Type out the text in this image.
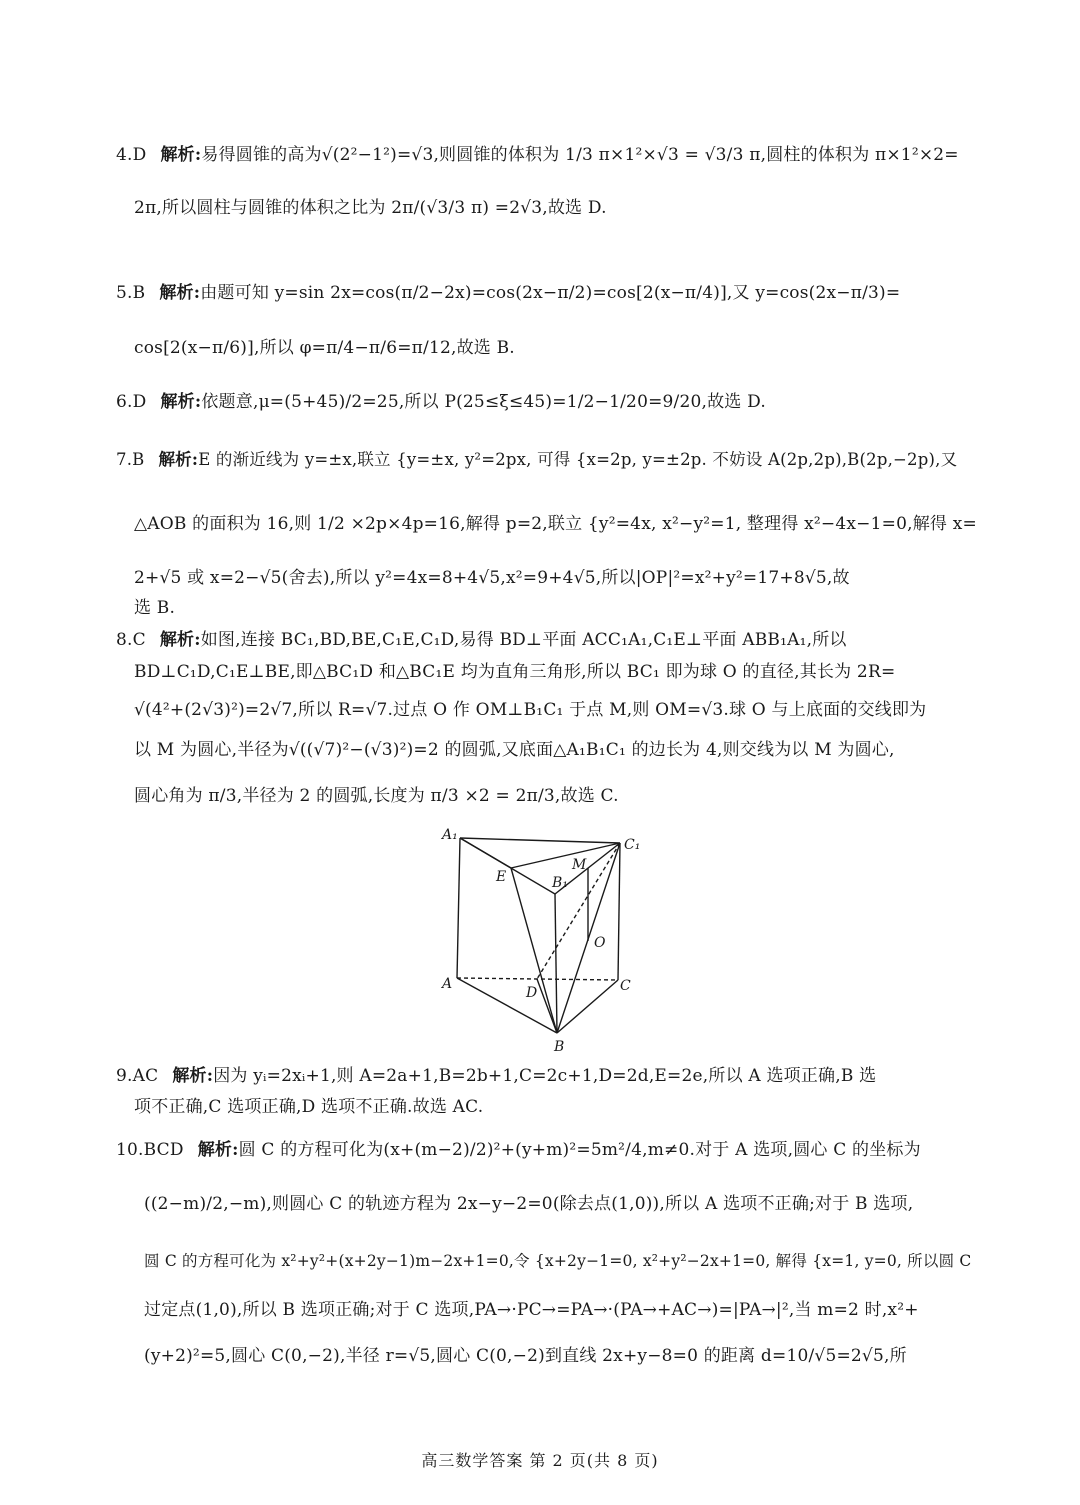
4.D 解析:易得圆锥的高为√(2²−1²)=√3,则圆锥的体积为 1/3 π×1²×√3 = √3/3 π,圆柱的体积为 π×1²×2=
2π,所以圆柱与圆锥的体积之比为 2π/(√3/3 π) =2√3,故选 D.
5.B 解析:由题可知 y=sin 2x=cos(π/2−2x)=cos(2x−π/2)=cos[2(x−π/4)],又 y=cos(2x−π/3)=
cos[2(x−π/6)],所以 φ=π/4−π/6=π/12,故选 B.
6.D 解析:依题意,μ=(5+45)/2=25,所以 P(25≤ξ≤45)=1/2−1/20=9/20,故选 D.
7.B 解析:E 的渐近线为 y=±x,联立 {y=±x, y²=2px, 可得 {x=2p, y=±2p. 不妨设 A(2p,2p),B(2p,−2p),又
△AOB 的面积为 16,则 1/2 ×2p×4p=16,解得 p=2,联立 {y²=4x, x²−y²=1, 整理得 x²−4x−1=0,解得 x=
2+√5 或 x=2−√5(舍去),所以 y²=4x=8+4√5,x²=9+4√5,所以|OP|²=x²+y²=17+8√5,故
选 B.
8.C 解析:如图,连接 BC₁,BD,BE,C₁E,C₁D,易得 BD⊥平面 ACC₁A₁,C₁E⊥平面 ABB₁A₁,所以
BD⊥C₁D,C₁E⊥BE,即△BC₁D 和△BC₁E 均为直角三角形,所以 BC₁ 即为球 O 的直径,其长为 2R=
√(4²+(2√3)²)=2√7,所以 R=√7.过点 O 作 OM⊥B₁C₁ 于点 M,则 OM=√3.球 O 与上底面的交线即为
以 M 为圆心,半径为√((√7)²−(√3)²)=2 的圆弧,又底面△A₁B₁C₁ 的边长为 4,则交线为以 M 为圆心,
圆心角为 π/3,半径为 2 的圆弧,长度为 π/3 ×2 = 2π/3,故选 C.
A₁
C₁
B₁
E
M
O
A	C
D
B
9.AC 解析:因为 yᵢ=2xᵢ+1,则 A=2a+1,B=2b+1,C=2c+1,D=2d,E=2e,所以 A 选项正确,B 选
项不正确,C 选项正确,D 选项不正确.故选 AC.
10.BCD 解析:圆 C 的方程可化为(x+(m−2)/2)²+(y+m)²=5m²/4,m≠0.对于 A 选项,圆心 C 的坐标为
((2−m)/2,−m),则圆心 C 的轨迹方程为 2x−y−2=0(除去点(1,0)),所以 A 选项不正确;对于 B 选项,
圆 C 的方程可化为 x²+y²+(x+2y−1)m−2x+1=0,令 {x+2y−1=0, x²+y²−2x+1=0, 解得 {x=1, y=0, 所以圆 C
过定点(1,0),所以 B 选项正确;对于 C 选项,PA→·PC→=PA→·(PA→+AC→)=|PA→|²,当 m=2 时,x²+
(y+2)²=5,圆心 C(0,−2),半径 r=√5,圆心 C(0,−2)到直线 2x+y−8=0 的距离 d=10/√5=2√5,所
高三数学答案 第 2 页(共 8 页)
